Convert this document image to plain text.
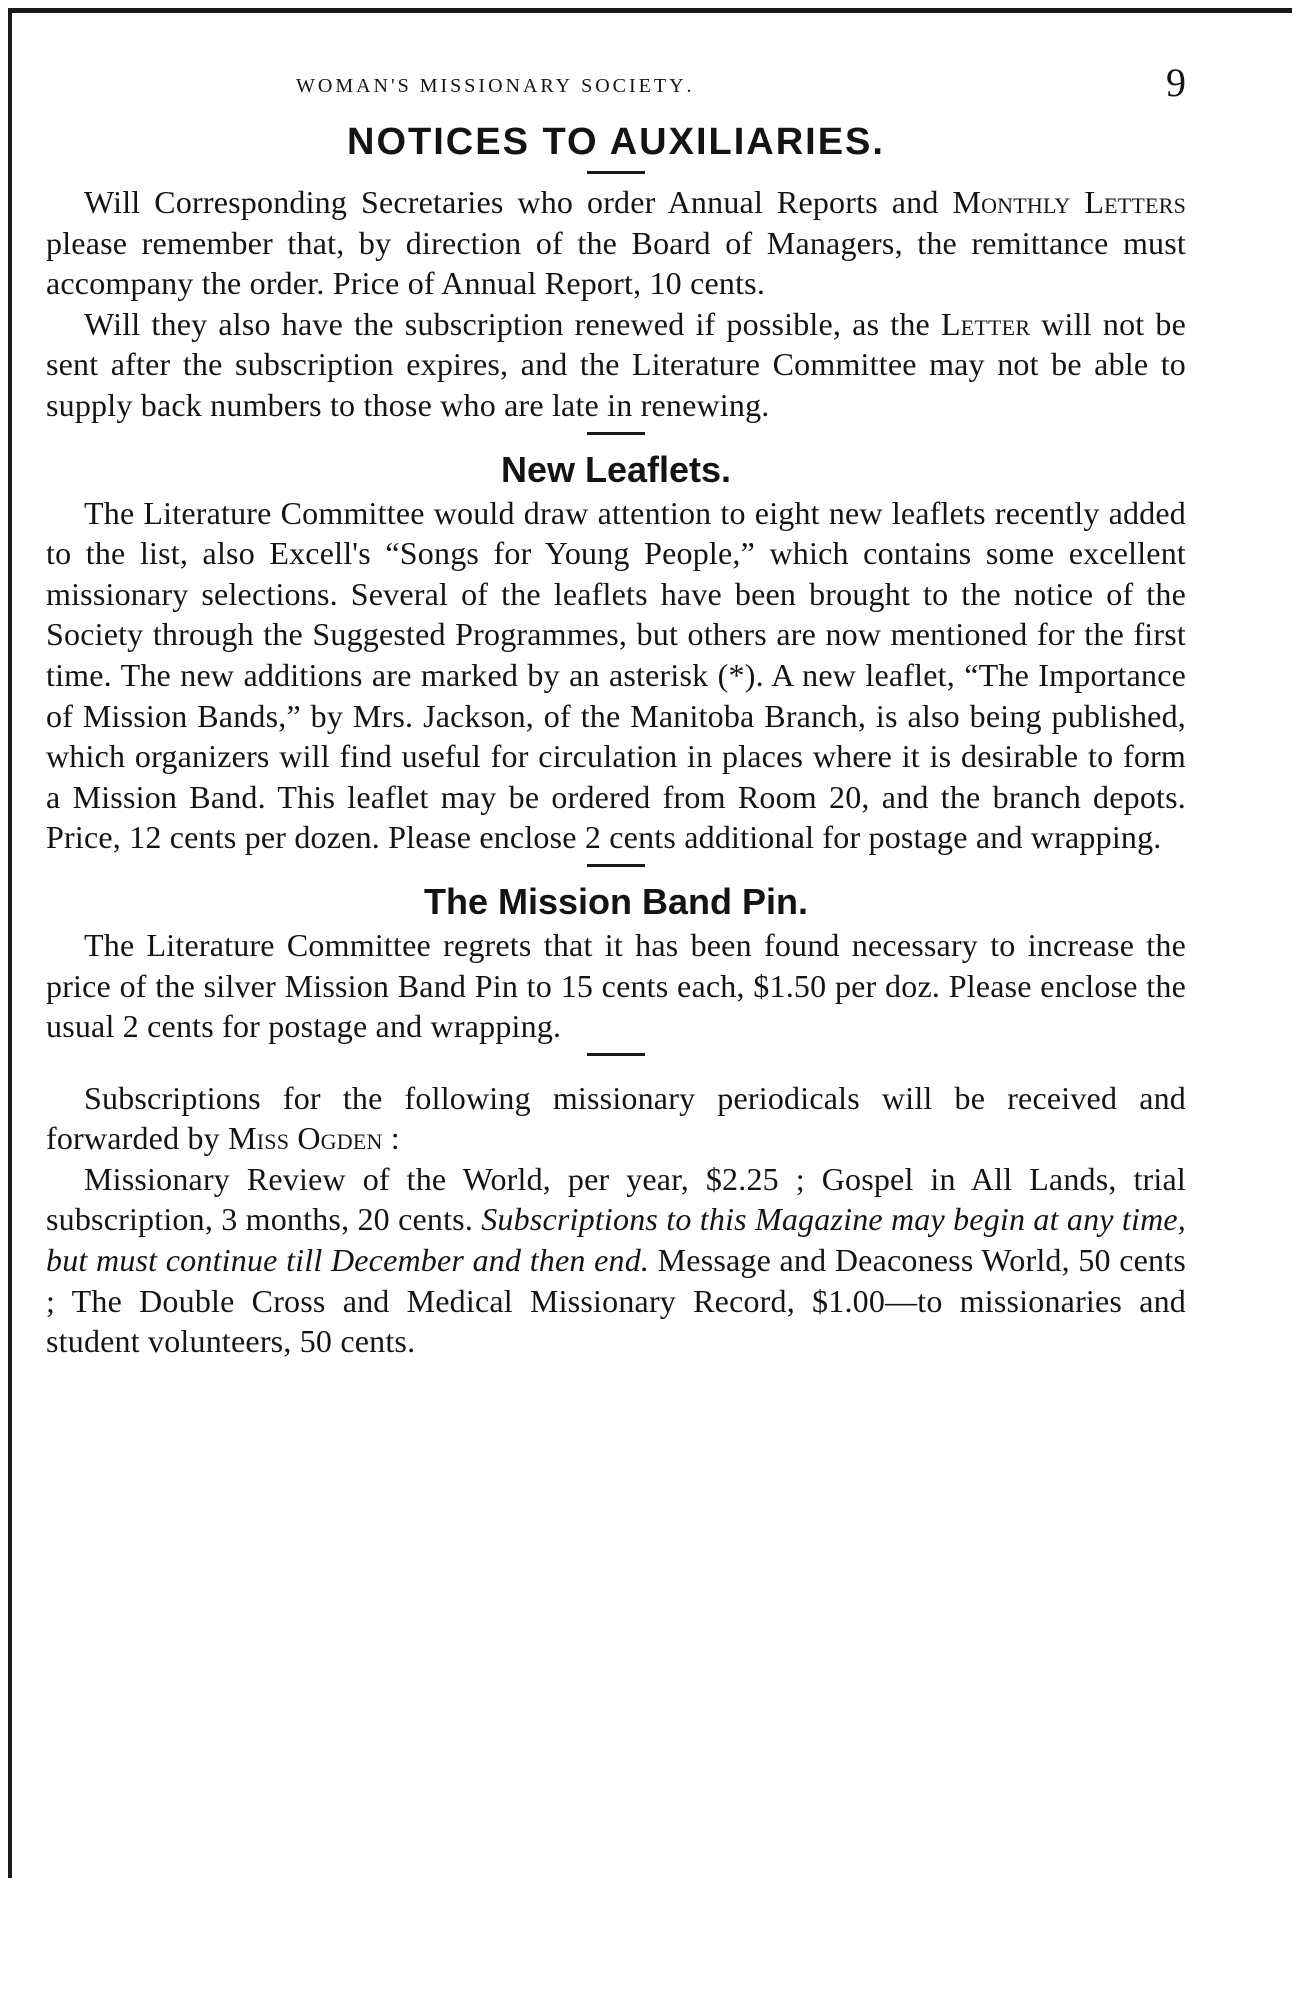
woman's missionary society.	9
NOTICES TO AUXILIARIES.

Will Corresponding Secretaries who order Annual Reports and Monthly Letters please remember that, by direction of the Board of Managers, the remittance must accompany the order. Price of Annual Report, 10 cents.

Will they also have the subscription renewed if possible, as the Letter will not be sent after the subscription expires, and the Literature Committee may not be able to supply back numbers to those who are late in renewing.

New Leaflets.

The Literature Committee would draw attention to eight new leaflets recently added to the list, also Excell's “Songs for Young People,” which contains some excellent missionary selections. Several of the leaflets have been brought to the notice of the Society through the Suggested Programmes, but others are now mentioned for the first time. The new additions are marked by an asterisk (*). A new leaflet, “The Importance of Mission Bands,” by Mrs. Jackson, of the Manitoba Branch, is also being published, which organizers will find useful for circulation in places where it is desirable to form a Mission Band. This leaflet may be ordered from Room 20, and the branch depots. Price, 12 cents per dozen. Please enclose 2 cents additional for postage and wrapping.

The Mission Band Pin.

The Literature Committee regrets that it has been found necessary to increase the price of the silver Mission Band Pin to 15 cents each, $1.50 per doz. Please enclose the usual 2 cents for postage and wrapping.

Subscriptions for the following missionary periodicals will be received and forwarded by Miss Ogden :

Missionary Review of the World, per year, $2.25 ; Gospel in All Lands, trial subscription, 3 months, 20 cents. Subscriptions to this Magazine may begin at any time, but must continue till December and then end. Message and Deaconess World, 50 cents ; The Double Cross and Medical Missionary Record, $1.00—to missionaries and student volunteers, 50 cents.
